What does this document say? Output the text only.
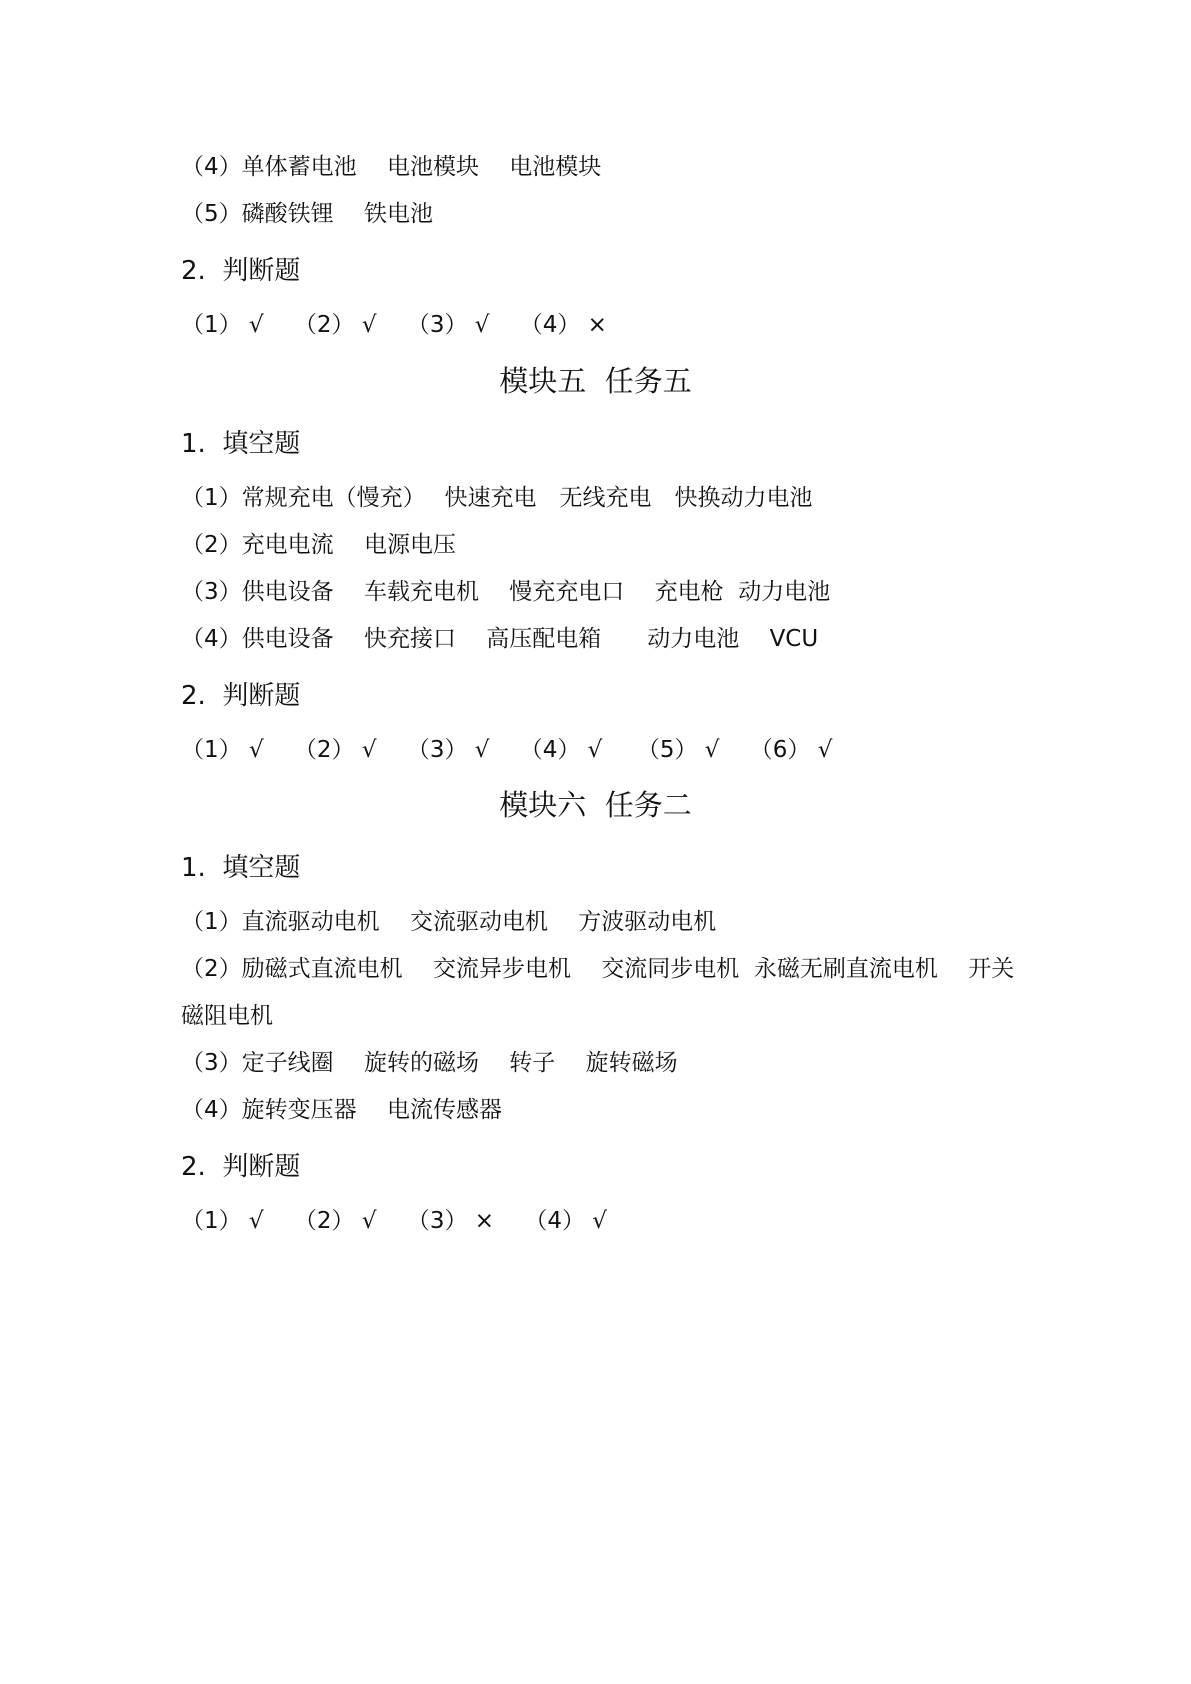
（4）单体蓄电池　 电池模块　 电池模块
（5）磷酸铁锂　 铁电池
2.  判断题
（1） √　 （2） √　 （3） √　 （4） ×
模块五  任务五
1.  填空题
（1）常规充电（慢充）　 快速充电　无线充电　快换动力电池
（2）充电电流　 电源电压
（3）供电设备　 车载充电机　 慢充充电口　 充电枪  动力电池
（4）供电设备　 快充接口　 高压配电箱　　动力电池　 VCU
2.  判断题
（1） √　 （2） √　 （3） √　 （4） √　　（5） √　 （6） √
模块六  任务二
1.  填空题
（1）直流驱动电机　 交流驱动电机　 方波驱动电机
（2）励磁式直流电机　 交流异步电机　 交流同步电机  永磁无刷直流电机　 开关
磁阻电机
（3）定子线圈　 旋转的磁场　 转子　 旋转磁场
（4）旋转变压器　 电流传感器
2.  判断题
（1） √　 （2） √　 （3） ×　 （4） √
